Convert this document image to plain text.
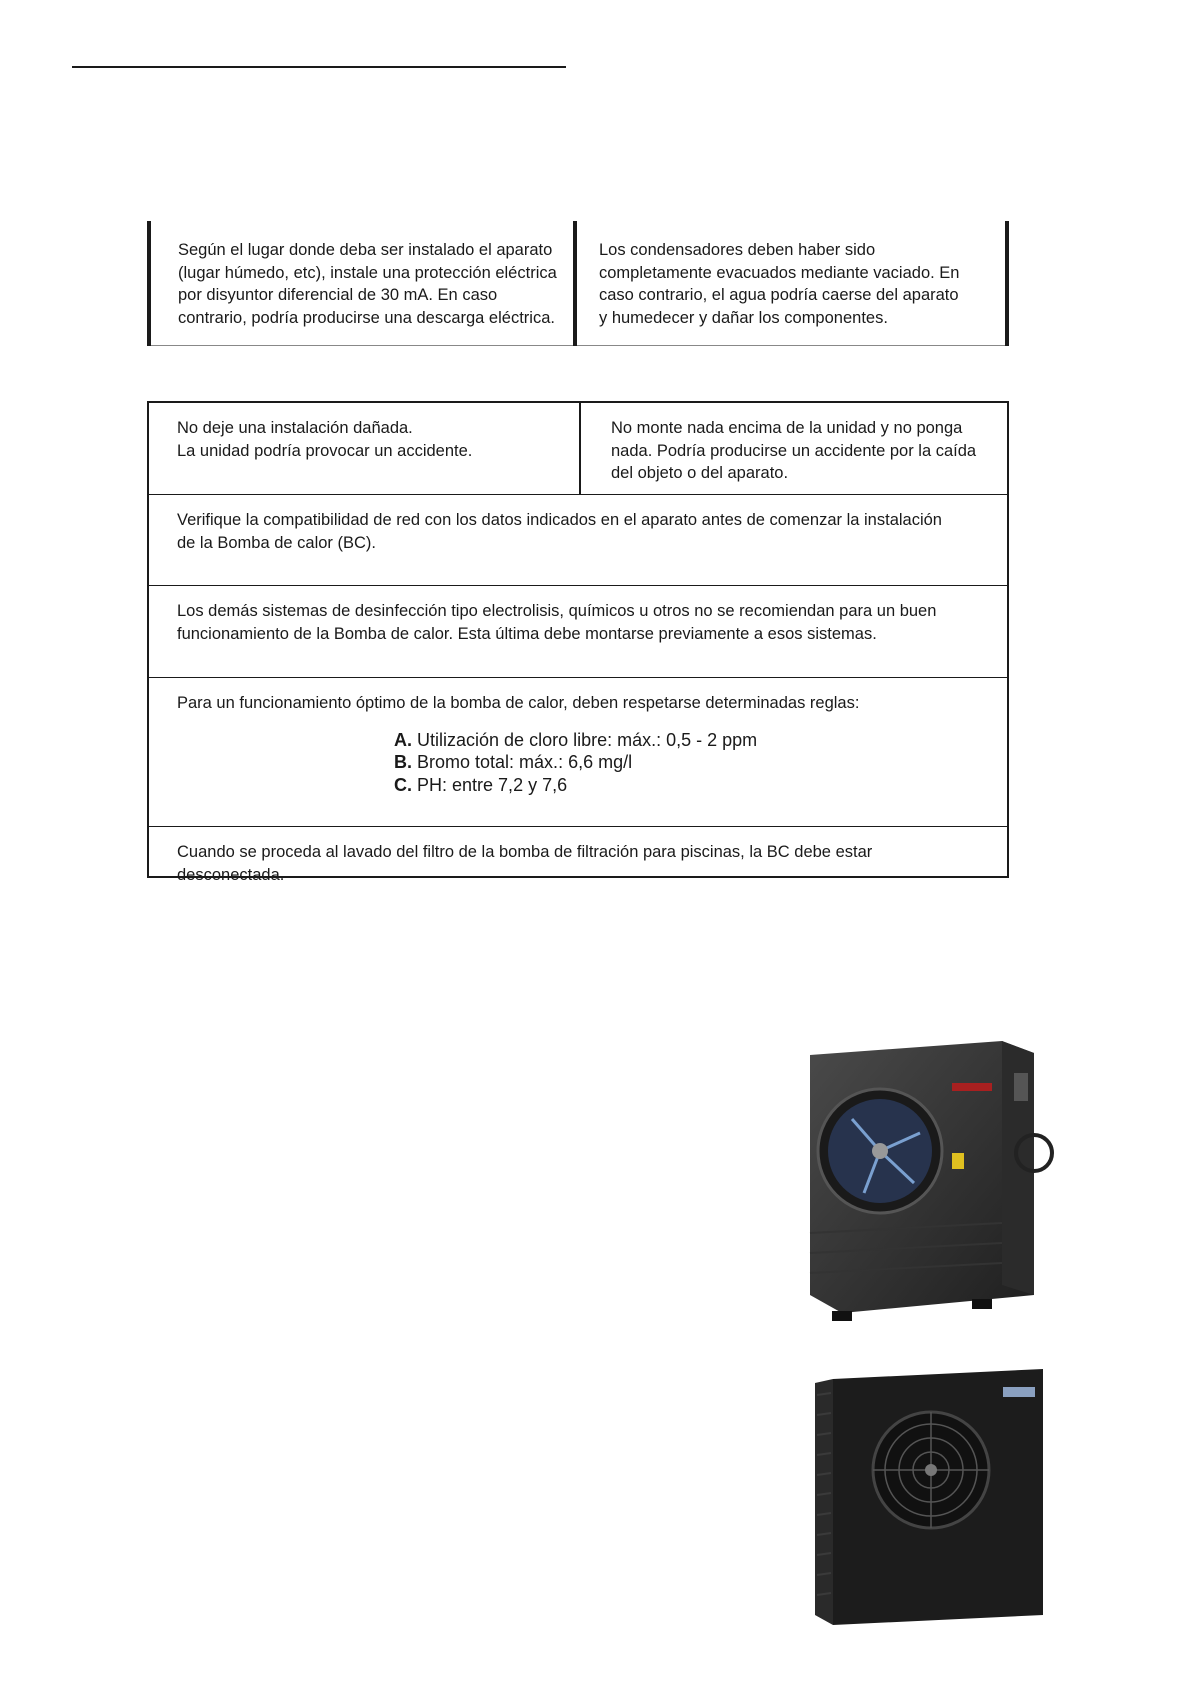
Según el lugar donde deba ser instalado el aparato

(lugar húmedo, etc), instale una protección eléctrica

por disyuntor diferencial de 30 mA. En caso

contrario, podría producirse una descarga eléctrica.

Los condensadores deben haber sido

completamente evacuados mediante vaciado. En

caso contrario, el agua podría caerse del aparato

y humedecer y dañar los componentes.

No deje una instalación dañada.

La unidad podría provocar un accidente.

No monte nada encima de la unidad y no ponga

nada. Podría producirse un accidente por la caída

del objeto o del aparato.

Verifique la compatibilidad de red con los datos indicados en el aparato antes de comenzar la instalación

de la Bomba de calor (BC).

Los demás sistemas de desinfección tipo electrolisis, químicos u otros no se recomiendan para un buen

funcionamiento de la Bomba de calor. Esta última debe montarse previamente a esos sistemas.

Para un funcionamiento óptimo de la bomba de calor, deben respetarse determinadas reglas:

A. Utilización de cloro libre: máx.: 0,5 - 2 ppm

B. Bromo total: máx.: 6,6 mg/l

C. PH: entre 7,2 y 7,6

Cuando se proceda al lavado del filtro de la bomba de filtración para piscinas, la BC debe estar desconectada.
